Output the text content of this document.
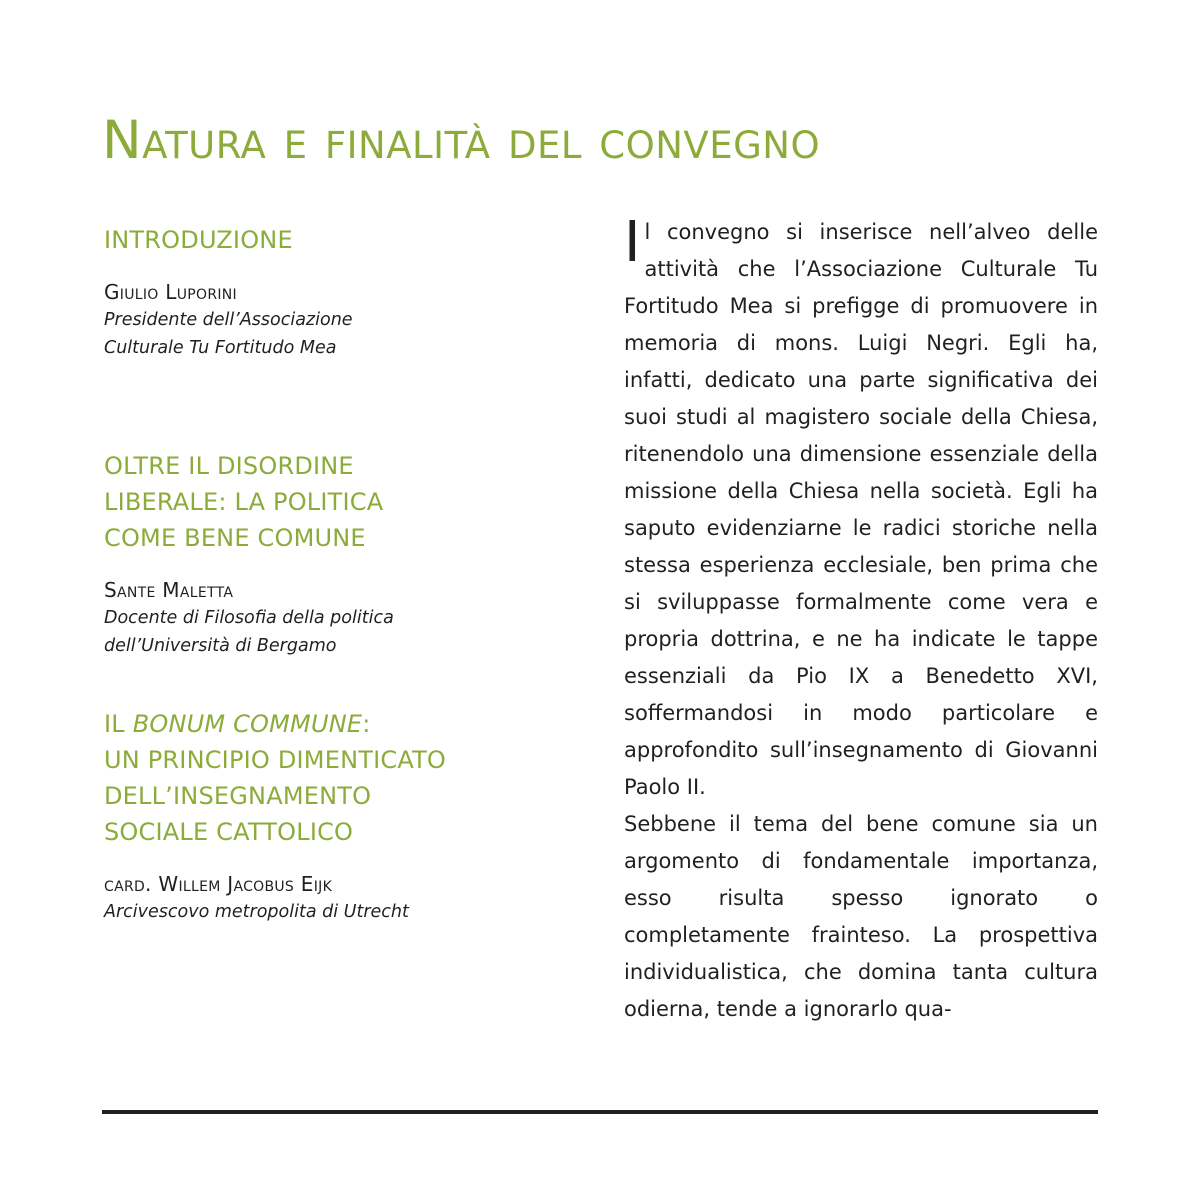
Natura e finalità del convegno
INTRODUZIONE
Giulio Luporini
Presidente dell’Associazione
Culturale Tu Fortitudo Mea
OLTRE IL DISORDINE
LIBERALE: LA POLITICA
COME BENE COMUNE
Sante Maletta
Docente di Filosofia della politica
dell’Università di Bergamo
IL BONUM COMMUNE:
UN PRINCIPIO DIMENTICATO
DELL’INSEGNAMENTO
SOCIALE CATTOLICO
card. Willem Jacobus Eijk
Arcivescovo metropolita di Utrecht

Il convegno si inserisce nell’alveo delle attività che l’Associazione Culturale Tu Fortitudo Mea si prefigge di promuovere in memoria di mons. Luigi Negri. Egli ha, infatti, dedicato una parte significativa dei suoi studi al magistero sociale della Chiesa, ritenendolo una dimensione essenziale della missione della Chiesa nella società. Egli ha saputo evidenziarne le radici storiche nella stessa esperienza ecclesiale, ben prima che si sviluppasse formalmente come vera e propria dottrina, e ne ha indicate le tappe essenziali da Pio IX a Benedetto XVI, soffermandosi in modo particolare e approfondito sull’insegnamento di Giovanni Paolo II.

Sebbene il tema del bene comune sia un argomento di fondamentale importanza, esso risulta spesso ignorato o completamente frainteso. La prospettiva individualistica, che domina tanta cultura odierna, tende a ignorarlo qua-
